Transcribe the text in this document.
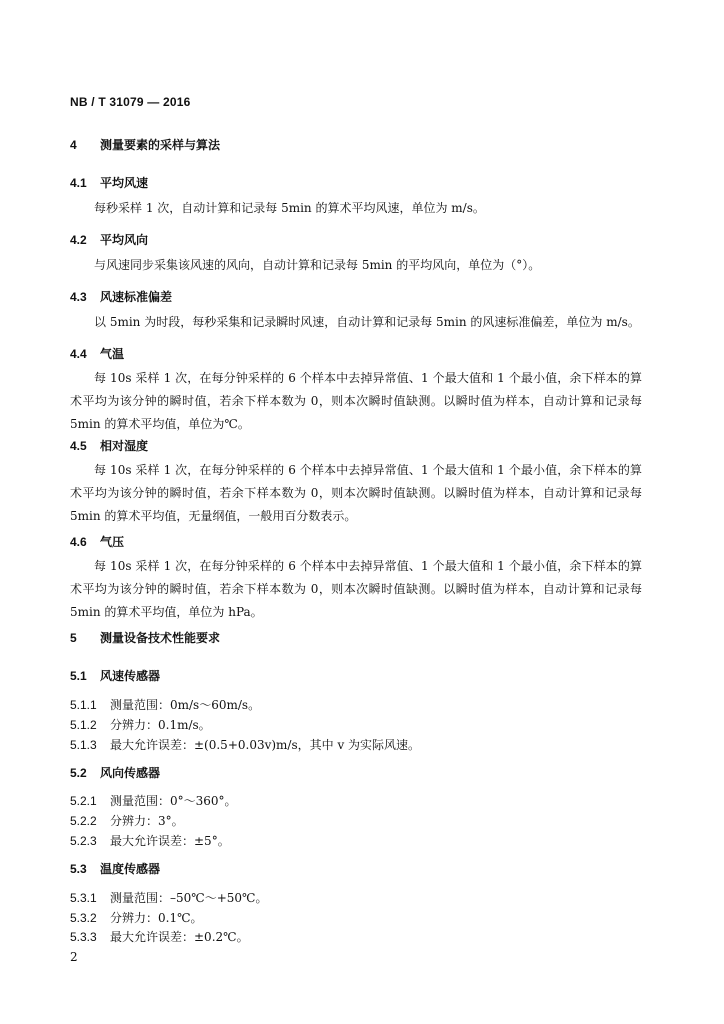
NB / T 31079 — 2016
4 测量要素的采样与算法
4.1 平均风速
每秒采样 1 次，自动计算和记录每 5min 的算术平均风速，单位为 m/s。
4.2 平均风向
与风速同步采集该风速的风向，自动计算和记录每 5min 的平均风向，单位为（°）。
4.3 风速标准偏差
以 5min 为时段，每秒采集和记录瞬时风速，自动计算和记录每 5min 的风速标准偏差，单位为 m/s。
4.4 气温
每 10s 采样 1 次，在每分钟采样的 6 个样本中去掉异常值、1 个最大值和 1 个最小值，余下样本的算术平均为该分钟的瞬时值，若余下样本数为 0，则本次瞬时值缺测。以瞬时值为样本，自动计算和记录每 5min 的算术平均值，单位为℃。
4.5 相对湿度
每 10s 采样 1 次，在每分钟采样的 6 个样本中去掉异常值、1 个最大值和 1 个最小值，余下样本的算术平均为该分钟的瞬时值，若余下样本数为 0，则本次瞬时值缺测。以瞬时值为样本，自动计算和记录每 5min 的算术平均值，无量纲值，一般用百分数表示。
4.6 气压
每 10s 采样 1 次，在每分钟采样的 6 个样本中去掉异常值、1 个最大值和 1 个最小值，余下样本的算术平均为该分钟的瞬时值，若余下样本数为 0，则本次瞬时值缺测。以瞬时值为样本，自动计算和记录每 5min 的算术平均值，单位为 hPa。
5 测量设备技术性能要求
5.1 风速传感器
5.1.1 测量范围：0m/s～60m/s。
5.1.2 分辨力：0.1m/s。
5.1.3 最大允许误差：±(0.5+0.03v)m/s，其中 v 为实际风速。
5.2 风向传感器
5.2.1 测量范围：0°～360°。
5.2.2 分辨力：3°。
5.2.3 最大允许误差：±5°。
5.3 温度传感器
5.3.1 测量范围：–50℃～+50℃。
5.3.2 分辨力：0.1℃。
5.3.3 最大允许误差：±0.2℃。
2
